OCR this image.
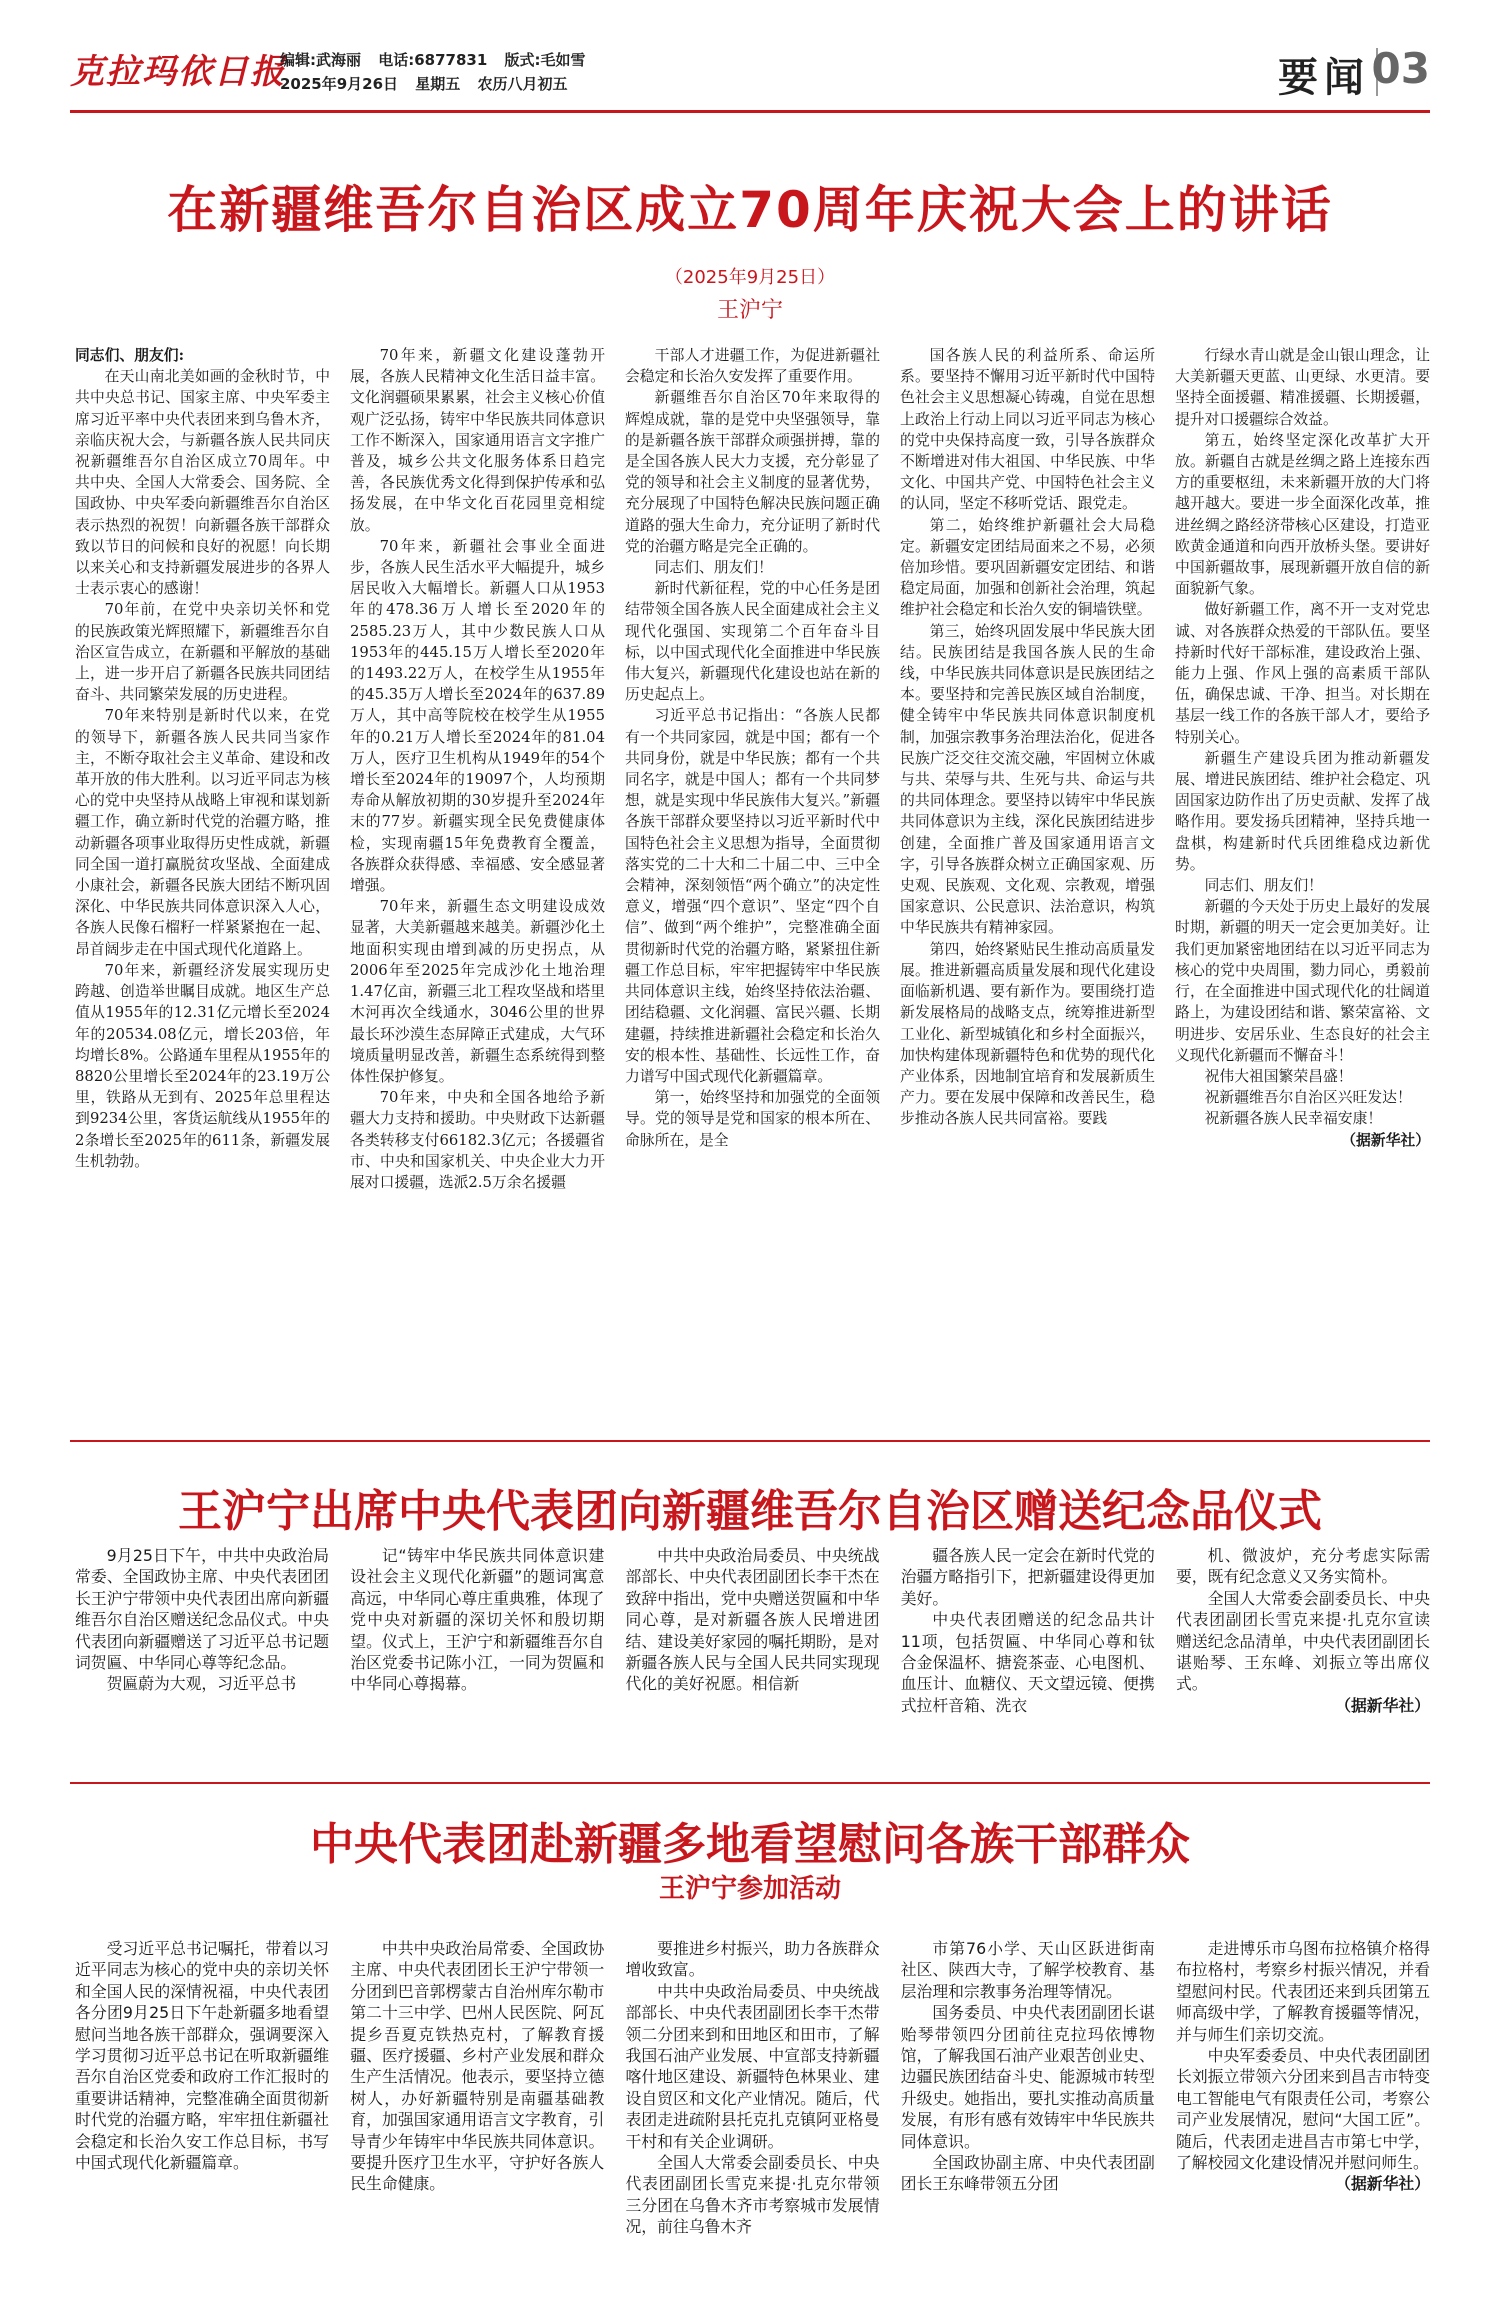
克拉玛依日报
编辑:武海丽 电话:6877831 版式:毛如雪
2025年9月26日 星期五 农历八月初五	要闻 03
在新疆维吾尔自治区成立70周年庆祝大会上的讲话
（2025年9月25日）
王沪宁

同志们、朋友们:

在天山南北美如画的金秋时节，中共中央总书记、国家主席、中央军委主席习近平率中央代表团来到乌鲁木齐，亲临庆祝大会，与新疆各族人民共同庆祝新疆维吾尔自治区成立70周年。中共中央、全国人大常委会、国务院、全国政协、中央军委向新疆维吾尔自治区表示热烈的祝贺！向新疆各族干部群众致以节日的问候和良好的祝愿！向长期以来关心和支持新疆发展进步的各界人士表示衷心的感谢！

70年前，在党中央亲切关怀和党的民族政策光辉照耀下，新疆维吾尔自治区宣告成立，在新疆和平解放的基础上，进一步开启了新疆各民族共同团结奋斗、共同繁荣发展的历史进程。

70年来特别是新时代以来，在党的领导下，新疆各族人民共同当家作主，不断夺取社会主义革命、建设和改革开放的伟大胜利。以习近平同志为核心的党中央坚持从战略上审视和谋划新疆工作，确立新时代党的治疆方略，推动新疆各项事业取得历史性成就，新疆同全国一道打赢脱贫攻坚战、全面建成小康社会，新疆各民族大团结不断巩固深化、中华民族共同体意识深入人心，各族人民像石榴籽一样紧紧抱在一起、昂首阔步走在中国式现代化道路上。

70年来，新疆经济发展实现历史跨越、创造举世瞩目成就。地区生产总值从1955年的12.31亿元增长至2024年的20534.08亿元，增长203倍，年均增长8%。公路通车里程从1955年的8820公里增长至2024年的23.19万公里，铁路从无到有、2025年总里程达到9234公里，客货运航线从1955年的2条增长至2025年的611条，新疆发展生机勃勃。

70年来，新疆文化建设蓬勃开展，各族人民精神文化生活日益丰富。文化润疆硕果累累，社会主义核心价值观广泛弘扬，铸牢中华民族共同体意识工作不断深入，国家通用语言文字推广普及，城乡公共文化服务体系日趋完善，各民族优秀文化得到保护传承和弘扬发展，在中华文化百花园里竞相绽放。

70年来，新疆社会事业全面进步，各族人民生活水平大幅提升，城乡居民收入大幅增长。新疆人口从1953年的478.36万人增长至2020年的2585.23万人，其中少数民族人口从1953年的445.15万人增长至2020年的1493.22万人，在校学生从1955年的45.35万人增长至2024年的637.89万人，其中高等院校在校学生从1955年的0.21万人增长至2024年的81.04万人，医疗卫生机构从1949年的54个增长至2024年的19097个，人均预期寿命从解放初期的30岁提升至2024年末的77岁。新疆实现全民免费健康体检，实现南疆15年免费教育全覆盖，各族群众获得感、幸福感、安全感显著增强。

70年来，新疆生态文明建设成效显著，大美新疆越来越美。新疆沙化土地面积实现由增到减的历史拐点，从2006年至2025年完成沙化土地治理1.47亿亩，新疆三北工程攻坚战和塔里木河再次全线通水，3046公里的世界最长环沙漠生态屏障正式建成，大气环境质量明显改善，新疆生态系统得到整体性保护修复。

70年来，中央和全国各地给予新疆大力支持和援助。中央财政下达新疆各类转移支付66182.3亿元；各援疆省市、中央和国家机关、中央企业大力开展对口援疆，选派2.5万余名援疆

干部人才进疆工作，为促进新疆社会稳定和长治久安发挥了重要作用。

新疆维吾尔自治区70年来取得的辉煌成就，靠的是党中央坚强领导，靠的是新疆各族干部群众顽强拼搏，靠的是全国各族人民大力支援，充分彰显了党的领导和社会主义制度的显著优势，充分展现了中国特色解决民族问题正确道路的强大生命力，充分证明了新时代党的治疆方略是完全正确的。

同志们、朋友们！

新时代新征程，党的中心任务是团结带领全国各族人民全面建成社会主义现代化强国、实现第二个百年奋斗目标，以中国式现代化全面推进中华民族伟大复兴，新疆现代化建设也站在新的历史起点上。

习近平总书记指出：“各族人民都有一个共同家园，就是中国；都有一个共同身份，就是中华民族；都有一个共同名字，就是中国人；都有一个共同梦想，就是实现中华民族伟大复兴。”新疆各族干部群众要坚持以习近平新时代中国特色社会主义思想为指导，全面贯彻落实党的二十大和二十届二中、三中全会精神，深刻领悟“两个确立”的决定性意义，增强“四个意识”、坚定“四个自信”、做到“两个维护”，完整准确全面贯彻新时代党的治疆方略，紧紧扭住新疆工作总目标，牢牢把握铸牢中华民族共同体意识主线，始终坚持依法治疆、团结稳疆、文化润疆、富民兴疆、长期建疆，持续推进新疆社会稳定和长治久安的根本性、基础性、长远性工作，奋力谱写中国式现代化新疆篇章。

第一，始终坚持和加强党的全面领导。党的领导是党和国家的根本所在、命脉所在，是全

国各族人民的利益所系、命运所系。要坚持不懈用习近平新时代中国特色社会主义思想凝心铸魂，自觉在思想上政治上行动上同以习近平同志为核心的党中央保持高度一致，引导各族群众不断增进对伟大祖国、中华民族、中华文化、中国共产党、中国特色社会主义的认同，坚定不移听党话、跟党走。

第二，始终维护新疆社会大局稳定。新疆安定团结局面来之不易，必须倍加珍惜。要巩固新疆安定团结、和谐稳定局面，加强和创新社会治理，筑起维护社会稳定和长治久安的铜墙铁壁。

第三，始终巩固发展中华民族大团结。民族团结是我国各族人民的生命线，中华民族共同体意识是民族团结之本。要坚持和完善民族区域自治制度，健全铸牢中华民族共同体意识制度机制，加强宗教事务治理法治化，促进各民族广泛交往交流交融，牢固树立休戚与共、荣辱与共、生死与共、命运与共的共同体理念。要坚持以铸牢中华民族共同体意识为主线，深化民族团结进步创建，全面推广普及国家通用语言文字，引导各族群众树立正确国家观、历史观、民族观、文化观、宗教观，增强国家意识、公民意识、法治意识，构筑中华民族共有精神家园。

第四，始终紧贴民生推动高质量发展。推进新疆高质量发展和现代化建设面临新机遇、要有新作为。要围绕打造新发展格局的战略支点，统筹推进新型工业化、新型城镇化和乡村全面振兴，加快构建体现新疆特色和优势的现代化产业体系，因地制宜培育和发展新质生产力。要在发展中保障和改善民生，稳步推动各族人民共同富裕。要践

行绿水青山就是金山银山理念，让大美新疆天更蓝、山更绿、水更清。要坚持全面援疆、精准援疆、长期援疆，提升对口援疆综合效益。

第五，始终坚定深化改革扩大开放。新疆自古就是丝绸之路上连接东西方的重要枢纽，未来新疆开放的大门将越开越大。要进一步全面深化改革，推进丝绸之路经济带核心区建设，打造亚欧黄金通道和向西开放桥头堡。要讲好中国新疆故事，展现新疆开放自信的新面貌新气象。

做好新疆工作，离不开一支对党忠诚、对各族群众热爱的干部队伍。要坚持新时代好干部标准，建设政治上强、能力上强、作风上强的高素质干部队伍，确保忠诚、干净、担当。对长期在基层一线工作的各族干部人才，要给予特别关心。

新疆生产建设兵团为推动新疆发展、增进民族团结、维护社会稳定、巩固国家边防作出了历史贡献、发挥了战略作用。要发扬兵团精神，坚持兵地一盘棋，构建新时代兵团维稳戍边新优势。

同志们、朋友们！

新疆的今天处于历史上最好的发展时期，新疆的明天一定会更加美好。让我们更加紧密地团结在以习近平同志为核心的党中央周围，勠力同心，勇毅前行，在全面推进中国式现代化的壮阔道路上，为建设团结和谐、繁荣富裕、文明进步、安居乐业、生态良好的社会主义现代化新疆而不懈奋斗！

祝伟大祖国繁荣昌盛！

祝新疆维吾尔自治区兴旺发达！

祝新疆各族人民幸福安康！

（据新华社）

王沪宁出席中央代表团向新疆维吾尔自治区赠送纪念品仪式

9月25日下午，中共中央政治局常委、全国政协主席、中央代表团团长王沪宁带领中央代表团出席向新疆维吾尔自治区赠送纪念品仪式。中央代表团向新疆赠送了习近平总书记题词贺匾、中华同心尊等纪念品。

贺匾蔚为大观，习近平总书

记“铸牢中华民族共同体意识建设社会主义现代化新疆”的题词寓意高远，中华同心尊庄重典雅，体现了党中央对新疆的深切关怀和殷切期望。仪式上，王沪宁和新疆维吾尔自治区党委书记陈小江，一同为贺匾和中华同心尊揭幕。

中共中央政治局委员、中央统战部部长、中央代表团副团长李干杰在致辞中指出，党中央赠送贺匾和中华同心尊，是对新疆各族人民增进团结、建设美好家园的嘱托期盼，是对新疆各族人民与全国人民共同实现现代化的美好祝愿。相信新

疆各族人民一定会在新时代党的治疆方略指引下，把新疆建设得更加美好。

中央代表团赠送的纪念品共计11项，包括贺匾、中华同心尊和钛合金保温杯、搪瓷茶壶、心电图机、血压计、血糖仪、天文望远镜、便携式拉杆音箱、洗衣

机、微波炉，充分考虑实际需要，既有纪念意义又务实简朴。

全国人大常委会副委员长、中央代表团副团长雪克来提·扎克尔宣读赠送纪念品清单，中央代表团副团长谌贻琴、王东峰、刘振立等出席仪式。

（据新华社）

中央代表团赴新疆多地看望慰问各族干部群众
王沪宁参加活动

受习近平总书记嘱托，带着以习近平同志为核心的党中央的亲切关怀和全国人民的深情祝福，中央代表团各分团9月25日下午赴新疆多地看望慰问当地各族干部群众，强调要深入学习贯彻习近平总书记在听取新疆维吾尔自治区党委和政府工作汇报时的重要讲话精神，完整准确全面贯彻新时代党的治疆方略，牢牢扭住新疆社会稳定和长治久安工作总目标，书写中国式现代化新疆篇章。

中共中央政治局常委、全国政协主席、中央代表团团长王沪宁带领一分团到巴音郭楞蒙古自治州库尔勒市第二十三中学、巴州人民医院、阿瓦提乡吾夏克铁热克村，了解教育援疆、医疗援疆、乡村产业发展和群众生产生活情况。他表示，要坚持立德树人，办好新疆特别是南疆基础教育，加强国家通用语言文字教育，引导青少年铸牢中华民族共同体意识。要提升医疗卫生水平，守护好各族人民生命健康。

要推进乡村振兴，助力各族群众增收致富。

中共中央政治局委员、中央统战部部长、中央代表团副团长李干杰带领二分团来到和田地区和田市，了解我国石油产业发展、中宣部支持新疆喀什地区建设、新疆特色林果业、建设自贸区和文化产业情况。随后，代表团走进疏附县托克扎克镇阿亚格曼干村和有关企业调研。

全国人大常委会副委员长、中央代表团副团长雪克来提·扎克尔带领三分团在乌鲁木齐市考察城市发展情况，前往乌鲁木齐

市第76小学、天山区跃进街南社区、陕西大寺，了解学校教育、基层治理和宗教事务治理等情况。

国务委员、中央代表团副团长谌贻琴带领四分团前往克拉玛依博物馆，了解我国石油产业艰苦创业史、边疆民族团结奋斗史、能源城市转型升级史。她指出，要扎实推动高质量发展，有形有感有效铸牢中华民族共同体意识。

全国政协副主席、中央代表团副团长王东峰带领五分团

走进博乐市乌图布拉格镇介格得布拉格村，考察乡村振兴情况，并看望慰问村民。代表团还来到兵团第五师高级中学，了解教育援疆等情况，并与师生们亲切交流。

中央军委委员、中央代表团副团长刘振立带领六分团来到昌吉市特变电工智能电气有限责任公司，考察公司产业发展情况，慰问“大国工匠”。随后，代表团走进昌吉市第七中学，了解校园文化建设情况并慰问师生。

（据新华社）
